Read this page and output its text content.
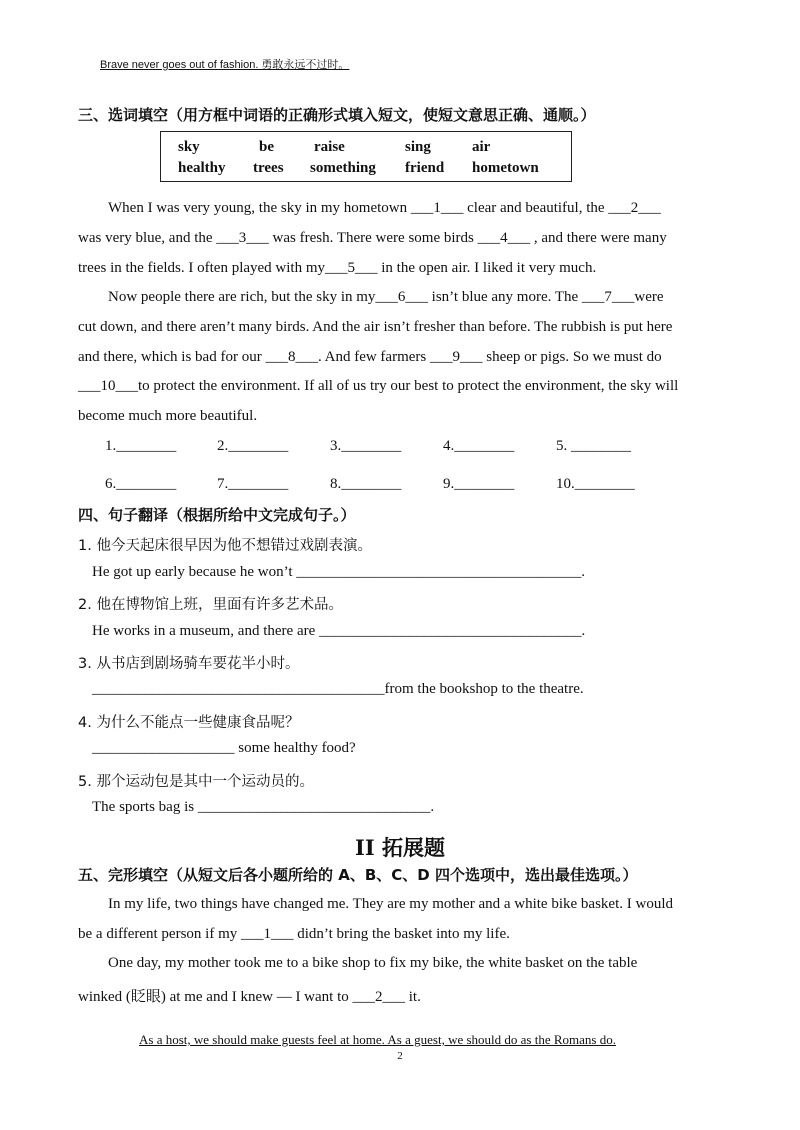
Brave never goes out of fashion. 勇敢永远不过时。
三、选词填空（用方框中词语的正确形式填入短文，使短文意思正确、通顺。）
sky	be	raise	sing	air
healthy trees something friend hometown
When I was very young, the sky in my hometown ___1___ clear and beautiful, the ___2___
was very blue, and the ___3___ was fresh. There were some birds ___4___ , and there were many
trees in the fields. I often played with my___5___ in the open air. I liked it very much.
Now people there are rich, but the sky in my___6___ isn’t blue any more. The ___7___were
cut down, and there aren’t many birds. And the air isn’t fresher than before. The rubbish is put here
and there, which is bad for our ___8___. And few farmers ___9___ sheep or pigs. So we must do
___10___to protect the environment. If all of us try our best to protect the environment, the sky will
become much more beautiful.
1.________	2.________	3.________	4.________	5. ________
6.________	7.________	8.________	9.________	10.________
四、句子翻译（根据所给中文完成句子。）
1. 他今天起床很早因为他不想错过戏剧表演。
He got up early because he won’t ______________________________________.
2. 他在博物馆上班，里面有许多艺术品。
He works in a museum, and there are ___________________________________.
3. 从书店到剧场骑车要花半小时。
_______________________________________from the bookshop to the theatre.
4. 为什么不能点一些健康食品呢？
___________________ some healthy food?
5. 那个运动包是其中一个运动员的。
The sports bag is _______________________________.
II 拓展题
五、完形填空（从短文后各小题所给的 A、B、C、D 四个选项中，选出最佳选项。）
In my life, two things have changed me. They are my mother and a white bike basket. I would
be a different person if my ___1___ didn’t bring the basket into my life.
One day, my mother took me to a bike shop to fix my bike, the white basket on the table
winked (眨眼) at me and I knew — I want to ___2___ it.
As a host, we should make guests feel at home. As a guest, we should do as the Romans do.
2
